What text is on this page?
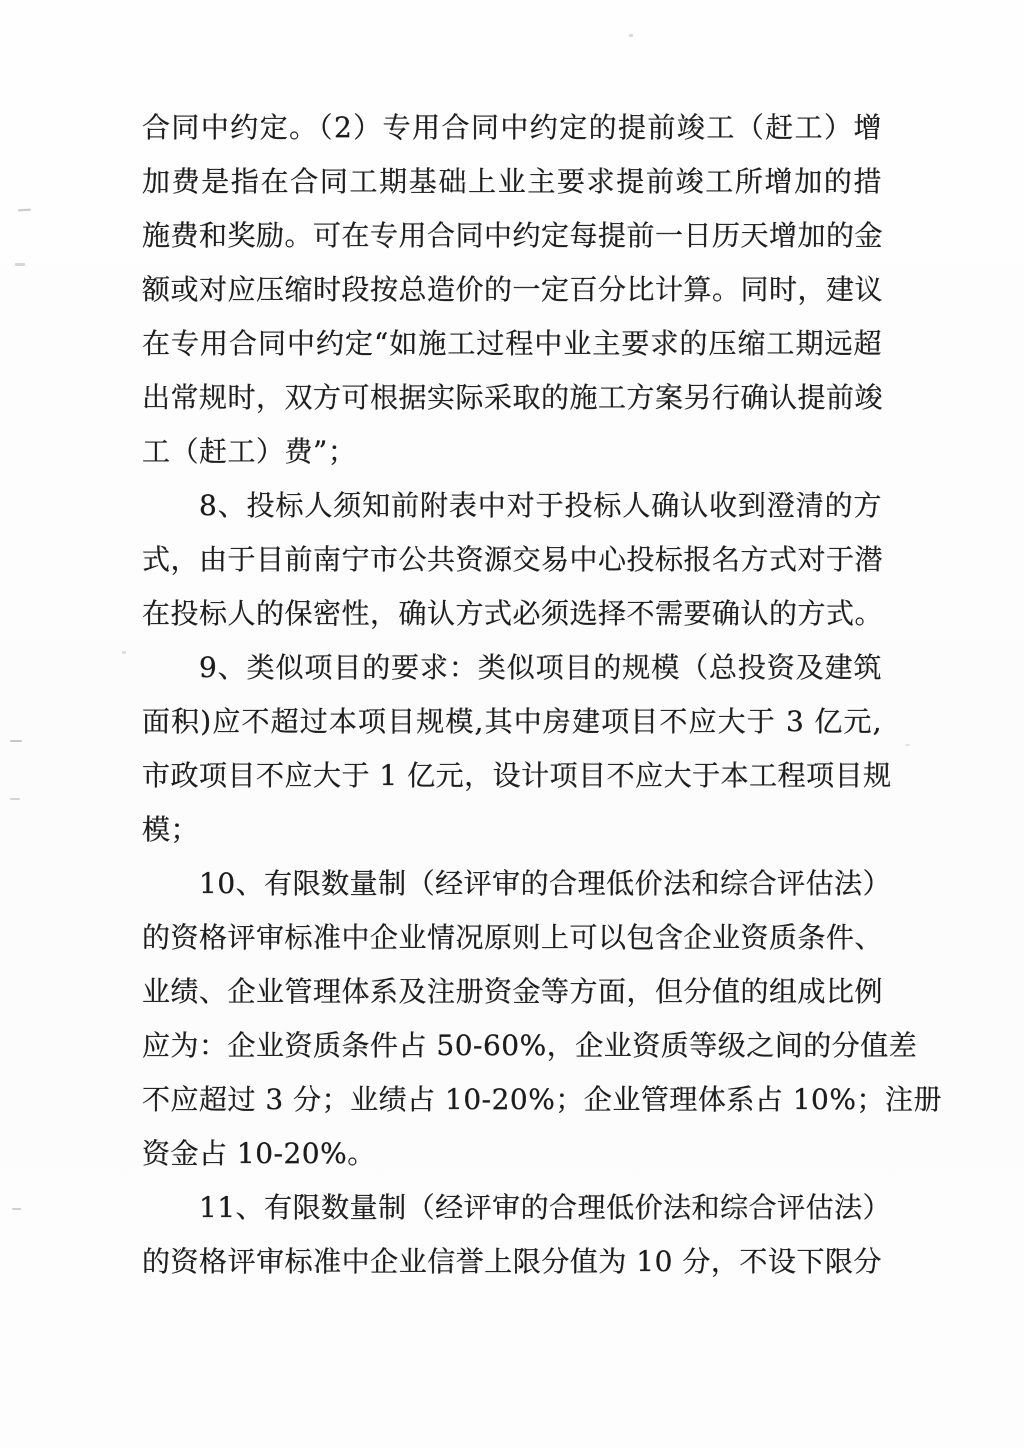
合同中约定。（2）专用合同中约定的提前竣工（赶工）增
加费是指在合同工期基础上业主要求提前竣工所增加的措
施费和奖励。可在专用合同中约定每提前一日历天增加的金
额或对应压缩时段按总造价的一定百分比计算。同时，建议
在专用合同中约定“如施工过程中业主要求的压缩工期远超
出常规时，双方可根据实际采取的施工方案另行确认提前竣
工（赶工）费”；
8、投标人须知前附表中对于投标人确认收到澄清的方
式，由于目前南宁市公共资源交易中心投标报名方式对于潜
在投标人的保密性，确认方式必须选择不需要确认的方式。
9、类似项目的要求：类似项目的规模（总投资及建筑
面积)应不超过本项目规模,其中房建项目不应大于 3 亿元,
市政项目不应大于 1 亿元，设计项目不应大于本工程项目规
模；
10、有限数量制（经评审的合理低价法和综合评估法）
的资格评审标准中企业情况原则上可以包含企业资质条件、
业绩、企业管理体系及注册资金等方面，但分值的组成比例
应为：企业资质条件占 50-60%，企业资质等级之间的分值差
不应超过 3 分；业绩占 10-20%；企业管理体系占 10%；注册
资金占 10-20%。
11、有限数量制（经评审的合理低价法和综合评估法）
的资格评审标准中企业信誉上限分值为 10 分，不设下限分
